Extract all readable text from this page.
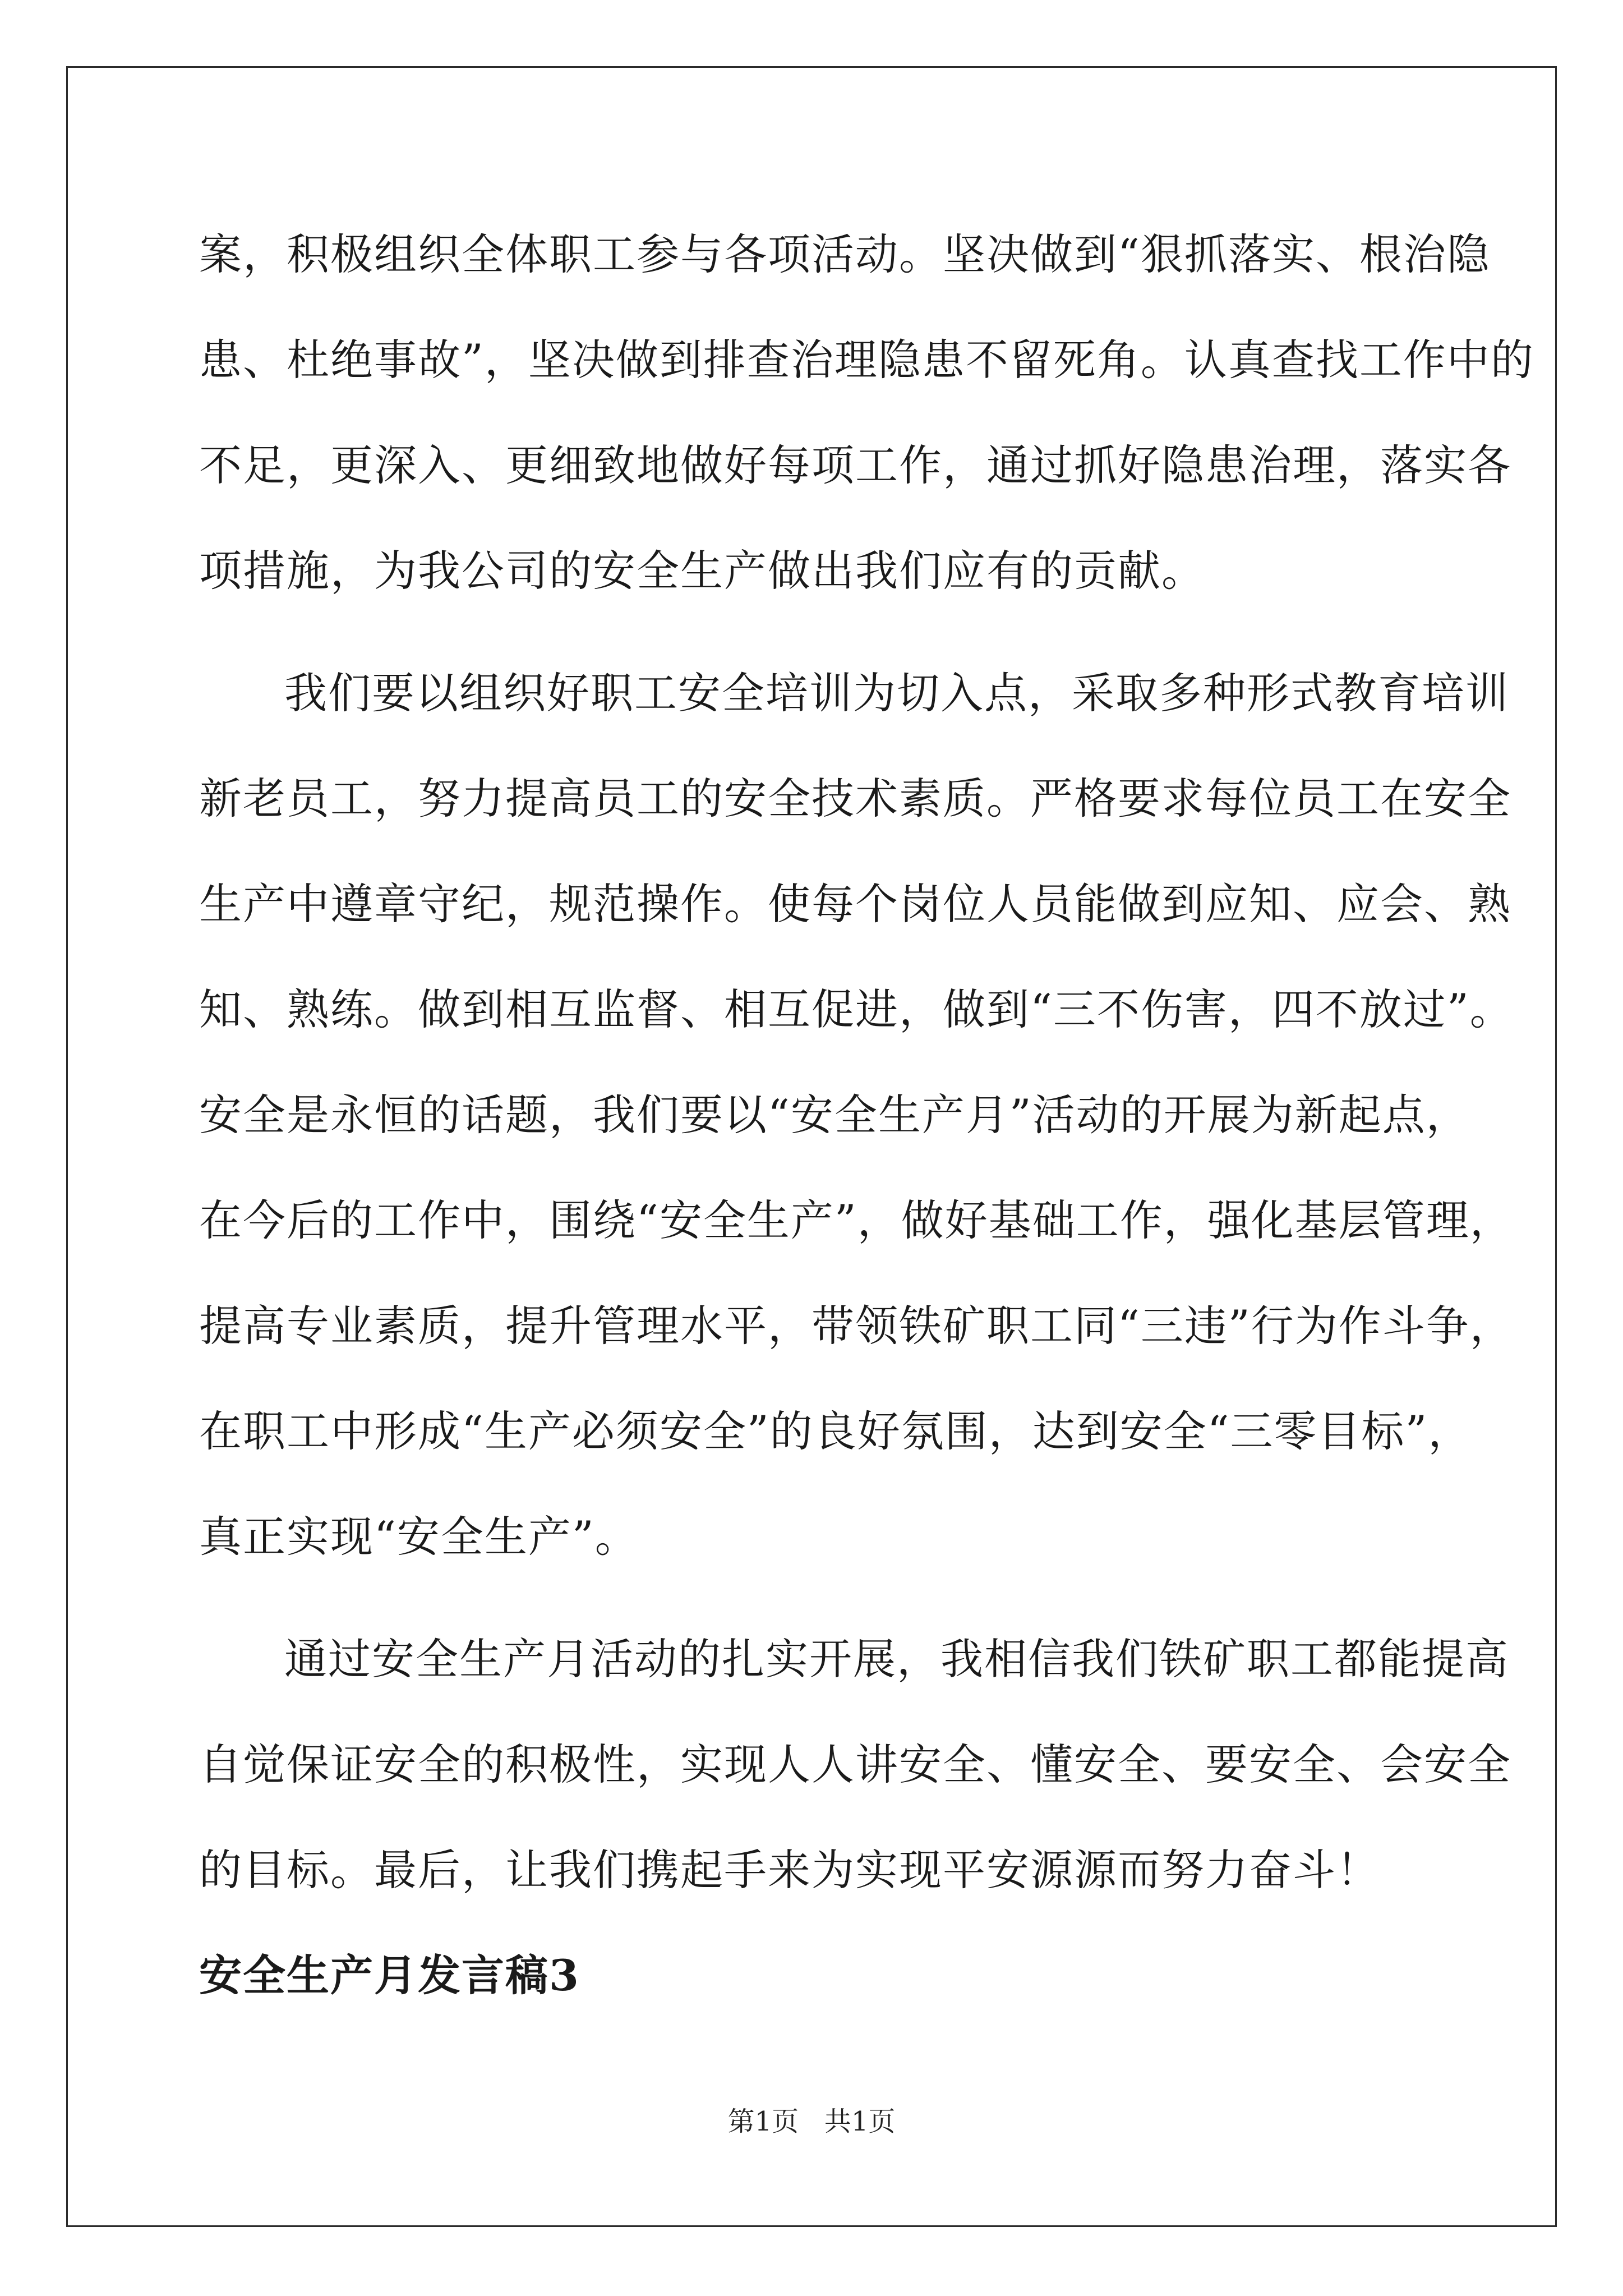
案，积极组织全体职工参与各项活动。坚决做到“狠抓落实、根治隐
患、杜绝事故”，坚决做到排查治理隐患不留死角。认真查找工作中的
不足，更深入、更细致地做好每项工作，通过抓好隐患治理，落实各
项措施，为我公司的安全生产做出我们应有的贡献。

我们要以组织好职工安全培训为切入点，采取多种形式教育培训
新老员工，努力提高员工的安全技术素质。严格要求每位员工在安全
生产中遵章守纪，规范操作。使每个岗位人员能做到应知、应会、熟
知、熟练。做到相互监督、相互促进，做到“三不伤害，四不放过”。
安全是永恒的话题，我们要以“安全生产月”活动的开展为新起点，
在今后的工作中，围绕“安全生产”，做好基础工作，强化基层管理，
提高专业素质，提升管理水平，带领铁矿职工同“三违”行为作斗争，
在职工中形成“生产必须安全”的良好氛围，达到安全“三零目标”，
真正实现“安全生产”。

通过安全生产月活动的扎实开展，我相信我们铁矿职工都能提高
自觉保证安全的积极性，实现人人讲安全、懂安全、要安全、会安全
的目标。最后，让我们携起手来为实现平安源源而努力奋斗！

安全生产月发言稿3
第1页   共1页
